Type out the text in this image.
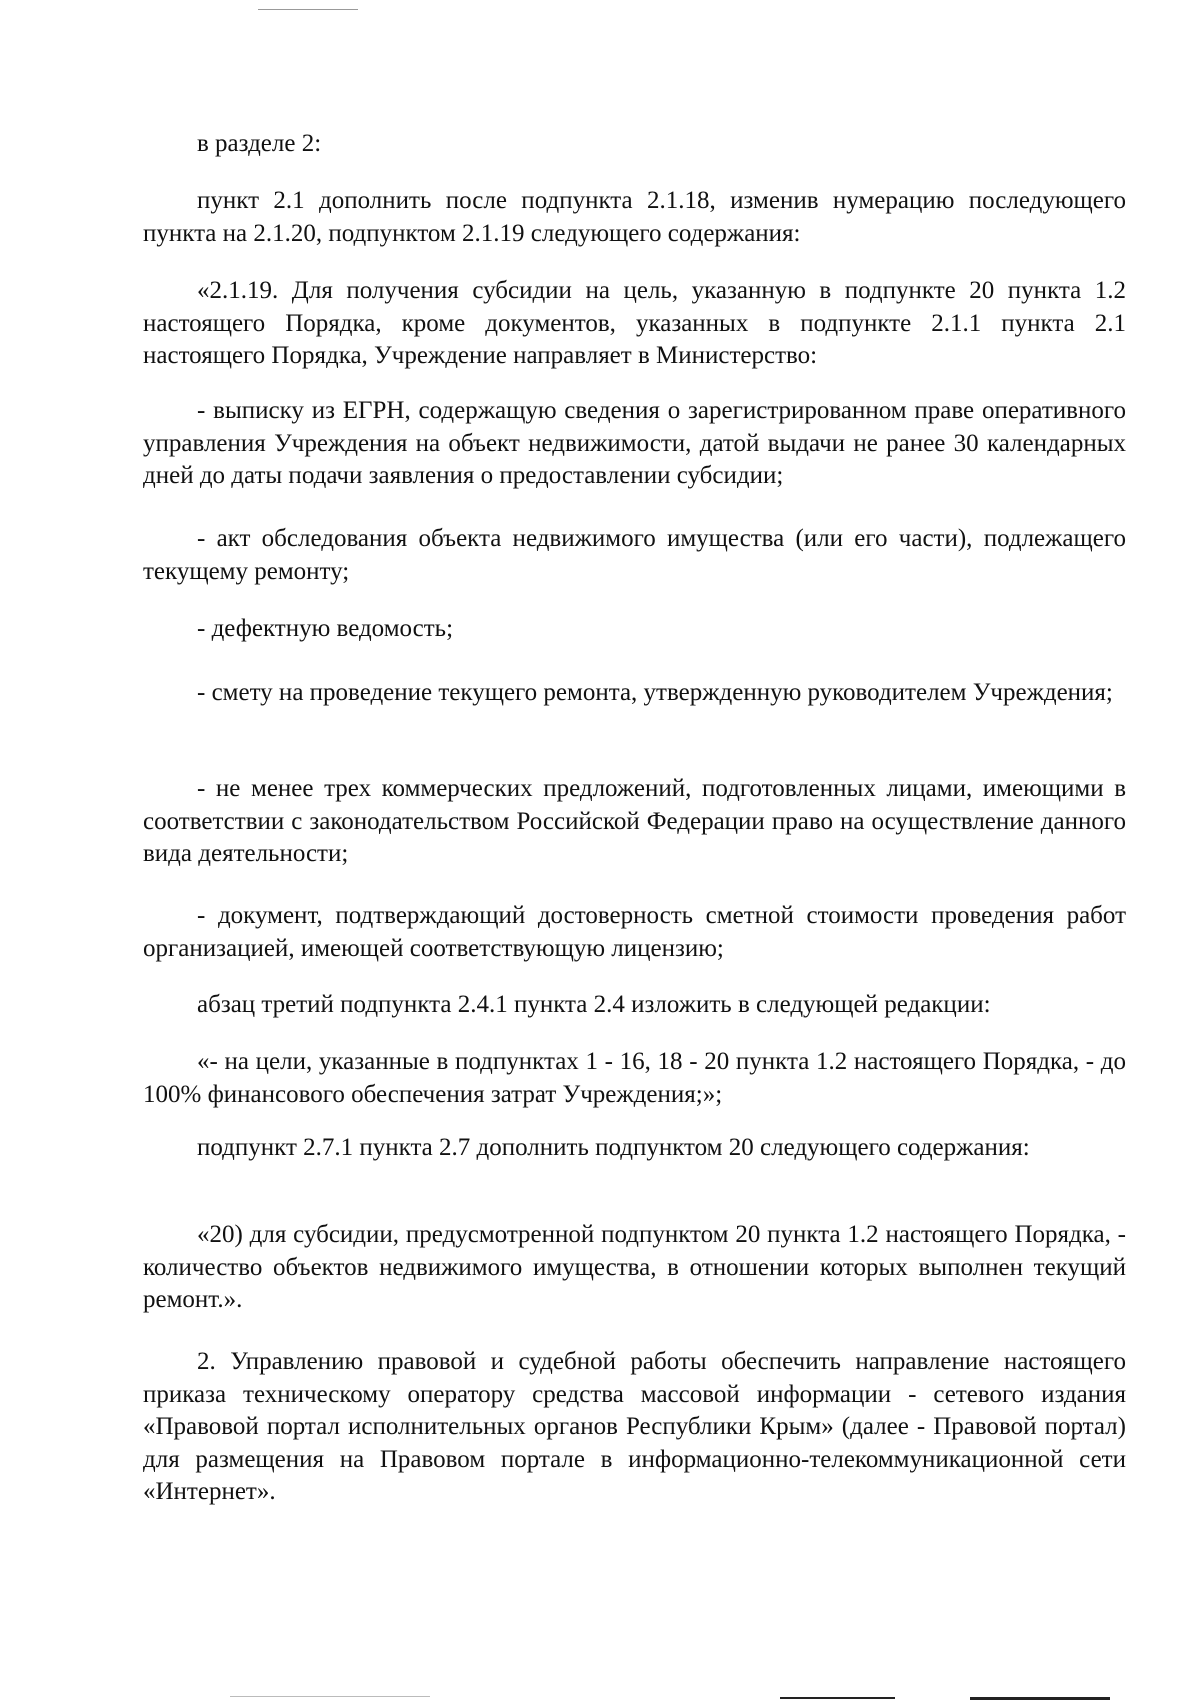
в разделе 2:

пункт 2.1 дополнить после подпункта 2.1.18, изменив нумерацию последующего пункта на 2.1.20, подпунктом 2.1.19 следующего содержания:

«2.1.19. Для получения субсидии на цель, указанную в подпункте 20 пункта 1.2 настоящего Порядка, кроме документов, указанных в подпункте 2.1.1 пункта 2.1 настоящего Порядка, Учреждение направляет в Министерство:

- выписку из ЕГРН, содержащую сведения о зарегистрированном праве оперативного управления Учреждения на объект недвижимости, датой выдачи не ранее 30 календарных дней до даты подачи заявления о предоставлении субсидии;

- акт обследования объекта недвижимого имущества (или его части), подлежащего текущему ремонту;

- дефектную ведомость;

- смету на проведение текущего ремонта, утвержденную руководителем Учреждения;

- не менее трех коммерческих предложений, подготовленных лицами, имеющими в соответствии с законодательством Российской Федерации право на осуществление данного вида деятельности;

- документ, подтверждающий достоверность сметной стоимости проведения работ организацией, имеющей соответствующую лицензию;

абзац третий подпункта 2.4.1 пункта 2.4 изложить в следующей редакции:

«- на цели, указанные в подпунктах 1 - 16, 18 - 20 пункта 1.2 настоящего Порядка, - до 100% финансового обеспечения затрат Учреждения;»;

подпункт 2.7.1 пункта 2.7 дополнить подпунктом 20 следующего содержания:

«20) для субсидии, предусмотренной подпунктом 20 пункта 1.2 настоящего Порядка, - количество объектов недвижимого имущества, в отношении которых выполнен текущий ремонт.».

2. Управлению правовой и судебной работы обеспечить направление настоящего приказа техническому оператору средства массовой информации - сетевого издания «Правовой портал исполнительных органов Республики Крым» (далее - Правовой портал) для размещения на Правовом портале в информационно-телекоммуникационной сети «Интернет».
